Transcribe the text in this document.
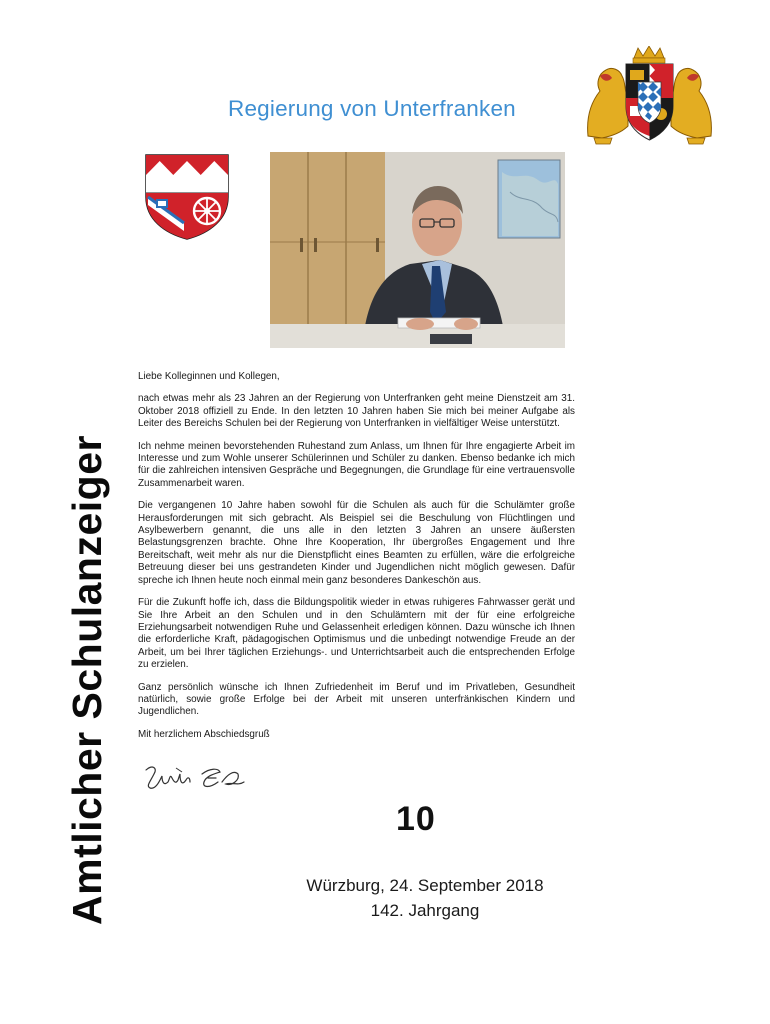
Amtlicher Schulanzeiger
Regierung von Unterfranken

Liebe Kolleginnen und Kollegen,

nach etwas mehr als 23 Jahren an der Regierung von Unterfranken geht meine Dienstzeit am 31. Oktober 2018 offiziell zu Ende. In den letzten 10 Jahren haben Sie mich bei meiner Aufgabe als Leiter des Bereichs Schulen bei der Regierung von Unterfranken in vielfältiger Weise unterstützt.

Ich nehme meinen bevorstehenden Ruhestand zum Anlass, um Ihnen für Ihre engagierte Arbeit im Interesse und zum Wohle unserer Schülerinnen und Schüler zu danken. Ebenso bedanke ich mich für die zahlreichen intensiven Gespräche und Begegnungen, die Grundlage für eine vertrauensvolle Zusammenarbeit waren.

Die vergangenen 10 Jahre haben sowohl für die Schulen als auch für die Schulämter große Herausforderungen mit sich gebracht. Als Beispiel sei die Beschulung von Flüchtlingen und Asylbewerbern genannt, die uns alle in den letzten 3 Jahren an unsere äußersten Belastungsgrenzen brachte. Ohne Ihre Kooperation, Ihr übergroßes Engagement und Ihre Bereitschaft, weit mehr als nur die Dienstpflicht eines Beamten zu erfüllen, wäre die erfolgreiche Betreuung dieser bei uns gestrandeten Kinder und Jugendlichen nicht möglich gewesen. Dafür spreche ich Ihnen heute noch einmal mein ganz besonderes Dankeschön aus.

Für die Zukunft hoffe ich, dass die Bildungspolitik wieder in etwas ruhigeres Fahrwasser gerät und Sie Ihre Arbeit an den Schulen und in den Schulämtern mit der für eine erfolgreiche Erziehungsarbeit notwendigen Ruhe und Gelassenheit erledigen können. Dazu wünsche ich Ihnen die erforderliche Kraft, pädagogischen Optimismus und die unbedingt notwendige Freude an der Arbeit, um bei Ihrer täglichen Erziehungs-. und Unterrichtsarbeit auch die entsprechenden Erfolge zu erzielen.

Ganz persönlich wünsche ich Ihnen Zufriedenheit im Beruf und im Privatleben, Gesundheit natürlich, sowie große Erfolge bei der Arbeit mit unseren unterfränkischen Kindern und Jugendlichen.

Mit herzlichem Abschiedsgruß

10
Würzburg, 24. September 2018
142. Jahrgang
